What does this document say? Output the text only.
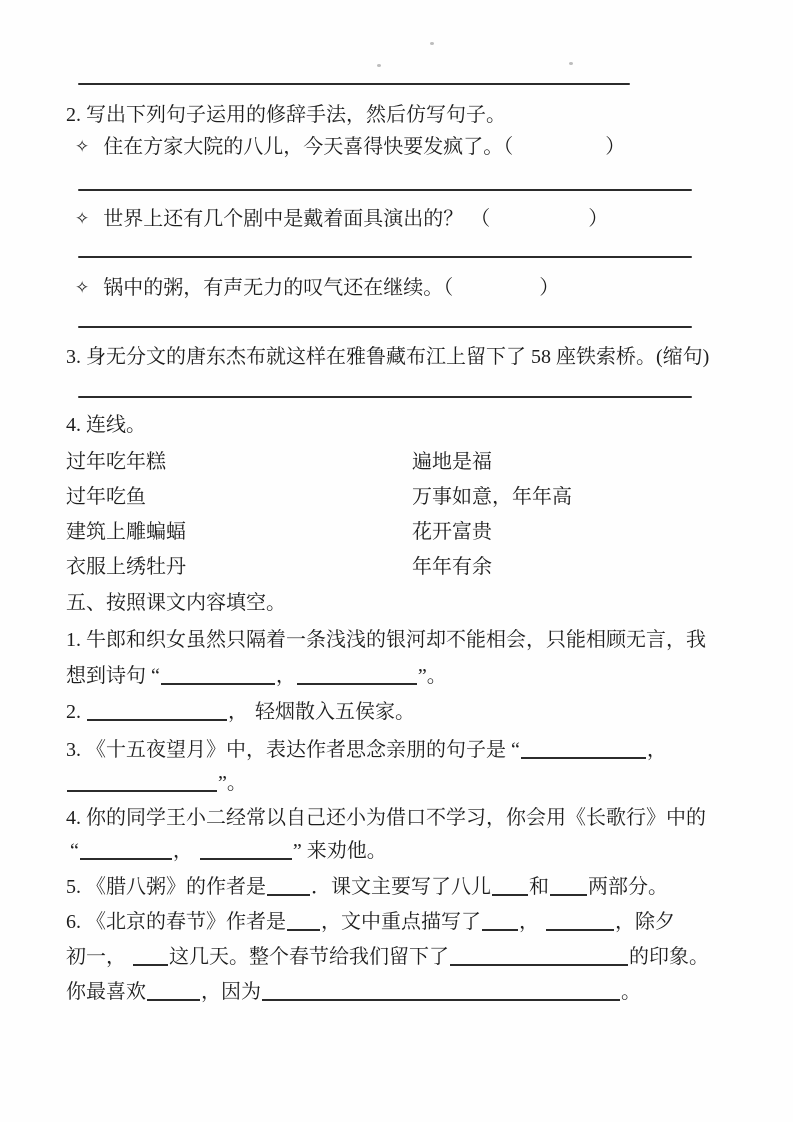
2. 写出下列句子运用的修辞手法，然后仿写句子。
✧ 住在方家大院的八儿，今天喜得快要发疯了。（	）
✧ 世界上还有几个剧中是戴着面具演出的？ （	）
✧ 锅中的粥，有声无力的叹气还在继续。（	）
3. 身无分文的唐东杰布就这样在雅鲁藏布江上留下了 58 座铁索桥。(缩句)
4. 连线。
过年吃年糕	遍地是福
过年吃鱼	万事如意，年年高
建筑上雕蝙蝠	花开富贵
衣服上绣牡丹	年年有余
五、按照课文内容填空。
1. 牛郎和织女虽然只隔着一条浅浅的银河却不能相会，只能相顾无言，我
想到诗句 “	，	”。
2.	， 轻烟散入五侯家。
3. 《十五夜望月》中，表达作者思念亲朋的句子是 “	，
”。
4. 你的同学王小二经常以自己还小为借口不学习，你会用《长歌行》中的
“	，	” 来劝他。
5. 《腊八粥》的作者是 ．课文主要写了八儿 和 两部分。
6. 《北京的春节》作者是 ，文中重点描写了 ，	，除夕
初一， 这几天。整个春节给我们留下了	的印象。
你最喜欢	，因为	。
